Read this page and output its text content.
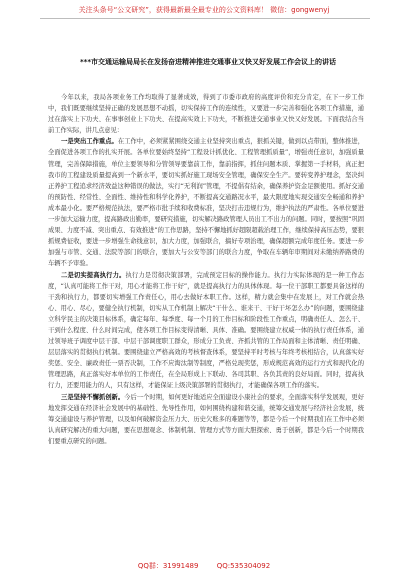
关注头条号“公文研究”，获得最新最全最专业的公文资料库！ 微信：gongwenyj
***市交通运输局局长在发扬奋进精神推进交通事业又快又好发展工作会议上的讲话

今年以来，我局各项业务工作均取得了显著成效，得到了市委市政府的高度评价和充分肯定，在下一步工作中，我们既要继续坚持正确的发展思想不动摇，切实保持工作的连续性，又要进一步完善和强化各项工作措施，通过在落实上下功夫、在事事创业上下功夫、在提高实效上下功夫，不断推进交通事业又快又好发展。下面我结合当前工作实际，讲几点意见：

一是突出工作重点。在工作中，必须紧紧围绕交通主业坚持突出重点，狠抓关键，做到以点带面，整体推进，全面促进各项工作的扎实开展。各单位要始终坚持“工程设计抓优化、工程管理抓质量”，增强责任意识，加强质量管理，完善保障措施，单位主要领导和分管领导要靠前工作，靠前指挥，抓住问题本质、掌握第一手材料，真正把我市的工程建设质量提高到一个新水平，要切实抓好施工现场安全管理，确保安全生产。要转变养护理念，坚决纠正养护工程追求经济效益这种错误的做法，实行“无利润”管理，不提倡有结余，确保养护资金足额使用。抓好交通的预防性、经常性、全面性、维持性和科学化养护，不断提高交通路况水平，最大限度地实现交通安全畅通和养护成本最小化。要严格规范执法，要严格市批手续和收费标准，坚决打击违规行为，维护执法的严肃性。各单位要进一步加大运输力度，提高路政出勤率，要研究措施，切实解决路政管理人员出工不出力的问题。同时，要按照“巩固成果、力度不减、突出重点、有效推进”的工作思路，坚持不懈地抓好超限超载治理工作，继续保持高压态势，要狠抓规费征收，要进一步增强生命线意识，加大力度，加强联合，搞好专项治理，确保超额完成年度任务。要进一步加强与市管、交通、法院等部门的联合，要加大与公安等部门的联合力度，争取在车辆年审期间对未缴纳养路费的车辆不予审验。

二是切实提高执行力。执行力是贯彻决策部署，完成预定目标的操作能力。执行力实际体现的是一种工作态度，“认真可能将工作干对，用心才能将工作干好”，就是提高执行力的具体体现。每一位干部职工都要具备这样的干劲和执行力，都要切实增强工作责任心，用心去做好本职工作。这样，精力就会集中在发展上，对工作就会热心、用心、尽心，要健全执行机制，切实从工作机制上解决“干什么、谁来干、干好干坏怎么办”的问题，要围绕建立科学民主的决策目标体系，确定每年、每季度、每一个月的工作目标和阶段性工作重点，明确责任人、怎么干、干到什么程度、什么时间完成，使各项工作目标变得清晰、具体、准确。要围绕建立权威一体的执行责任体系，通过领导班子调度中层干部、中层干部调度职工群众，形成分工负责、齐抓共管的工作局面和主体清晰、责任明确、层层落实的贯彻执行机制。要围绕建立严格高效的考核督查体系，要坚持平时考核与年终考核相结合，认真落实好奖惩、安全、廉政责任一票否决制，工作不应淘汰制等制度，严格兑现奖惩，形成规范高效的运行方式和现代化的管理思路，真正落实好本单位的工作责任，在全局形成上下联动、各司其职、各负其责的良好局面。同时，提高执行力，还要用能力的人，只有这样，才能保证上级决策部署的贯彻执行，才能确保各项工作的落实。

三是坚持不懈抓创新。今后一个时期，如何更好地适应全面建设小康社会的要求，全面落实科学发展观，更好地发挥交通在经济社会发展中的基础性、先导性作用，如何围绕构建和谐交通，统筹交通发展与经济社会发展，统筹交通建设与养护管理，以及如何破解资金压力大、历史欠账多的难题等等，都是今后一个时期我们在工作中必须认真研究解决的重大问题，要在思想观念、体制机制、管理方式等方面大胆探索、勇于创新，都是今后一个时期我们要重点研究的问题。

QQ群：31991489	QQ:535304092
